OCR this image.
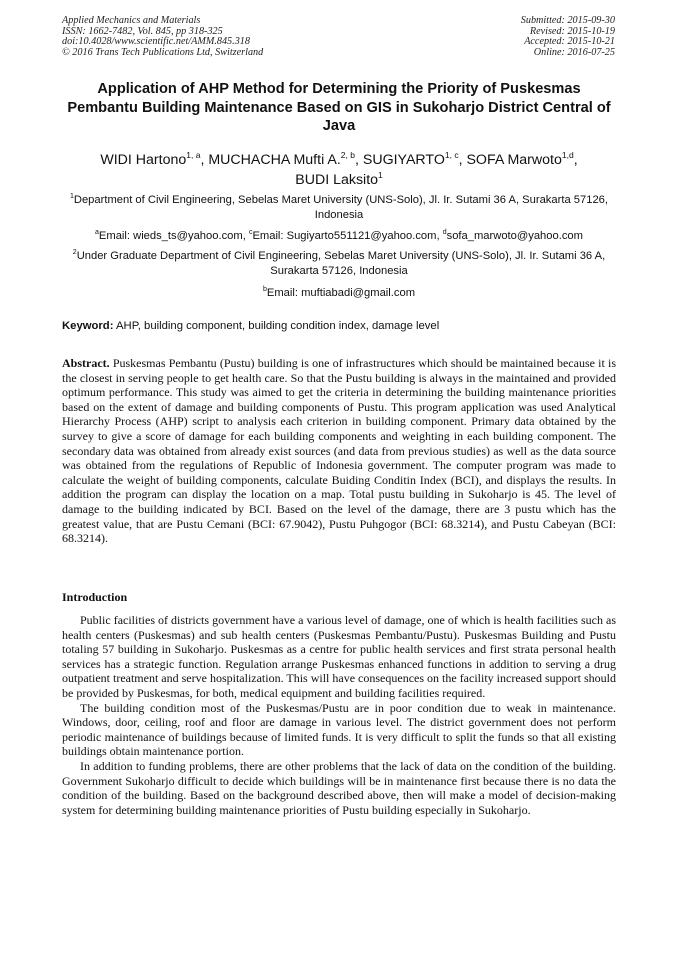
Applied Mechanics and Materials
ISSN: 1662-7482, Vol. 845, pp 318-325
doi:10.4028/www.scientific.net/AMM.845.318
© 2016 Trans Tech Publications Ltd, Switzerland
Submitted: 2015-09-30
Revised: 2015-10-19
Accepted: 2015-10-21
Online: 2016-07-25
Application of AHP Method for Determining the Priority of Puskesmas Pembantu Building Maintenance Based on GIS in Sukoharjo District Central of Java
WIDI Hartono$^{1, a}$, MUCHACHA Mufti A.$^{2, b}$, SUGIYARTO$^{1, c}$, SOFA Marwoto$^{1,d}$,
BUDI Laksito$^1$
$^1$Department of Civil Engineering, Sebelas Maret University (UNS-Solo), Jl. Ir. Sutami 36 A, Surakarta 57126, Indonesia
$^a$Email: wieds_ts@yahoo.com, $^c$Email: Sugiyarto551121@yahoo.com, $^d$sofa_marwoto@yahoo.com
$^2$Under Graduate Department of Civil Engineering, Sebelas Maret University (UNS-Solo), Jl. Ir. Sutami 36 A, Surakarta 57126, Indonesia
$^b$Email: muftiabadi@gmail.com
Keyword: AHP, building component, building condition index, damage level
Abstract. Puskesmas Pembantu (Pustu) building is one of infrastructures which should be maintained because it is the closest in serving people to get health care. So that the Pustu building is always in the maintained and provided optimum performance. This study was aimed to get the criteria in determining the building maintenance priorities based on the extent of damage and building components of Pustu. This program application was used Analytical Hierarchy Process (AHP) script to analysis each criterion in building component. Primary data obtained by the survey to give a score of damage for each building components and weighting in each building component. The secondary data was obtained from already exist sources (and data from previous studies) as well as the data source was obtained from the regulations of Republic of Indonesia government. The computer program was made to calculate the weight of building components, calculate Buiding Conditin Index (BCI), and displays the results. In addition the program can display the location on a map. Total pustu building in Sukoharjo is 45. The level of damage to the building indicated by BCI. Based on the level of the damage, there are 3 pustu which has the greatest value, that are Pustu Cemani (BCI: 67.9042), Pustu Puhgogor (BCI: 68.3214), and Pustu Cabeyan (BCI: 68.3214).
Introduction

Public facilities of districts government have a various level of damage, one of which is health facilities such as health centers (Puskesmas) and sub health centers (Puskesmas Pembantu/Pustu). Puskesmas Building and Pustu totaling 57 building in Sukoharjo. Puskesmas as a centre for public health services and first strata personal health services has a strategic function. Regulation arrange Puskesmas enhanced functions in addition to serving a drug outpatient treatment and serve hospitalization. This will have consequences on the facility increased support should be provided by Puskesmas, for both, medical equipment and building facilities required.

The building condition most of the Puskesmas/Pustu are in poor condition due to weak in maintenance. Windows, door, ceiling, roof and floor are damage in various level. The district government does not perform periodic maintenance of buildings because of limited funds. It is very difficult to split the funds so that all existing buildings obtain maintenance portion.

In addition to funding problems, there are other problems that the lack of data on the condition of the building. Government Sukoharjo difficult to decide which buildings will be in maintenance first because there is no data the condition of the building. Based on the background described above, then will make a model of decision-making system for determining building maintenance priorities of Pustu building especially in Sukoharjo.
